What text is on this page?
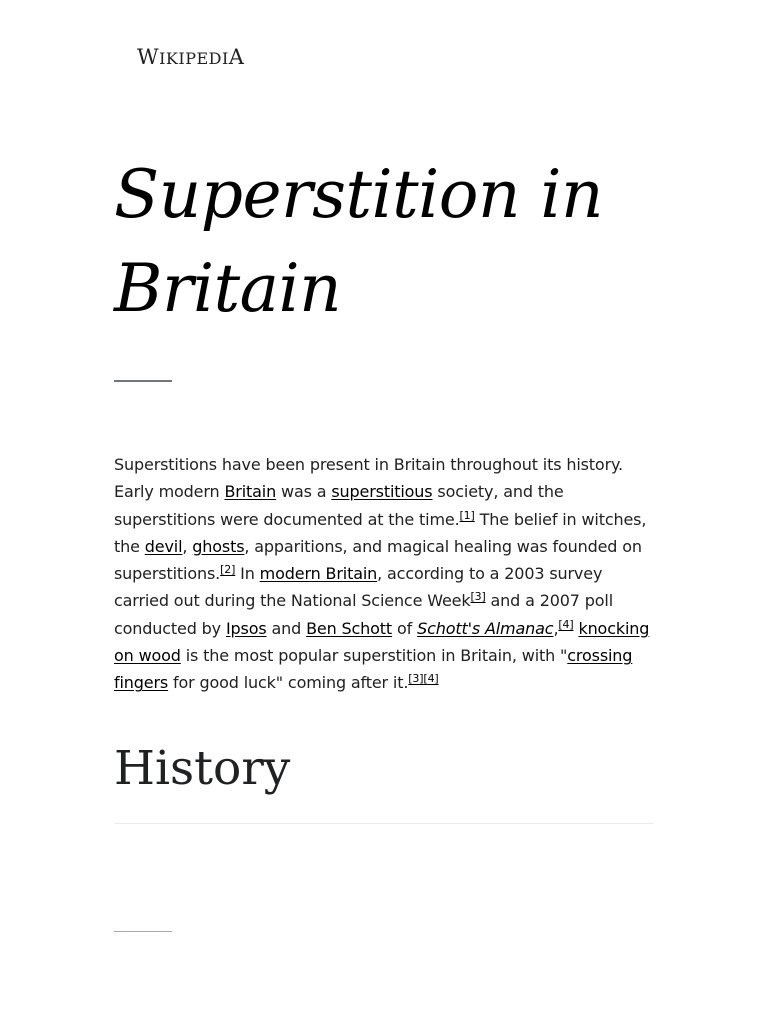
WIKIPEDIA
Superstition in Britain

Superstitions have been present in Britain throughout its history. Early modern Britain was a superstitious society, and the superstitions were documented at the time.[1] The belief in witches, the devil, ghosts, apparitions, and magical healing was founded on superstitions.[2] In modern Britain, according to a 2003 survey carried out during the National Science Week[3] and a 2007 poll conducted by Ipsos and Ben Schott of Schott's Almanac,[4] knocking on wood is the most popular superstition in Britain, with "crossing fingers for good luck" coming after it.[3][4]

History
